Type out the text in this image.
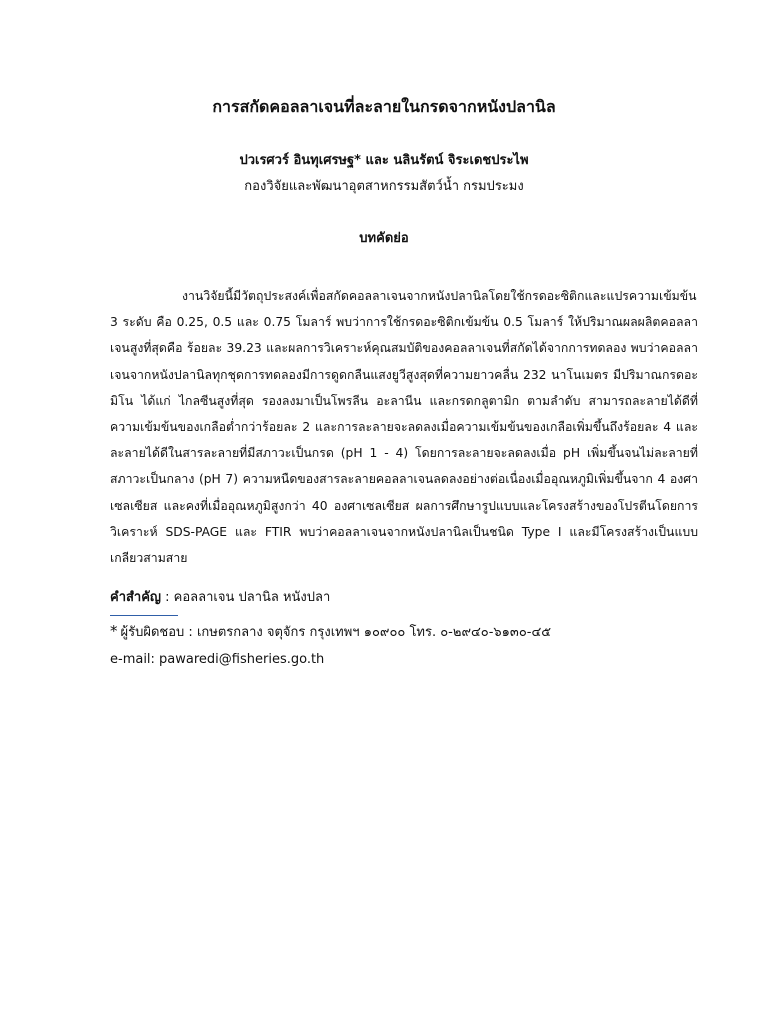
การสกัดคอลลาเจนที่ละลายในกรดจากหนังปลานิล
ปวเรศวร์ อินทุเศรษฐ* และ นลินรัตน์ จิระเดชประไพ
กองวิจัยและพัฒนาอุตสาหกรรมสัตว์น้ำ กรมประมง
บทคัดย่อ

งานวิจัยนี้มีวัตถุประสงค์เพื่อสกัดคอลลาเจนจากหนังปลานิลโดยใช้กรดอะซิติกและแปรความเข้มข้น 3 ระดับ คือ 0.25, 0.5 และ 0.75 โมลาร์ พบว่าการใช้กรดอะซิติกเข้มข้น 0.5 โมลาร์ ให้ปริมาณผลผลิตคอลลาเจนสูงที่สุดคือ ร้อยละ 39.23 และผลการวิเคราะห์คุณสมบัติของคอลลาเจนที่สกัดได้จากการทดลอง พบว่าคอลลาเจนจากหนังปลานิลทุกชุดการทดลองมีการดูดกลืนแสงยูวีสูงสุดที่ความยาวคลื่น 232 นาโนเมตร มีปริมาณกรดอะมิโน ได้แก่ ไกลซีนสูงที่สุด รองลงมาเป็นโพรลีน อะลานีน และกรดกลูตามิก ตามลำดับ สามารถละลายได้ดีที่ความเข้มข้นของเกลือต่ำกว่าร้อยละ 2 และการละลายจะลดลงเมื่อความเข้มข้นของเกลือเพิ่มขึ้นถึงร้อยละ 4 และละลายได้ดีในสารละลายที่มีสภาวะเป็นกรด (pH 1 - 4) โดยการละลายจะลดลงเมื่อ pH เพิ่มขึ้นจนไม่ละลายที่สภาวะเป็นกลาง (pH 7) ความหนืดของสารละลายคอลลาเจนลดลงอย่างต่อเนื่องเมื่ออุณหภูมิเพิ่มขึ้นจาก 4 องศาเซลเซียส และคงที่เมื่ออุณหภูมิสูงกว่า 40 องศาเซลเซียส ผลการศึกษารูปแบบและโครงสร้างของโปรตีนโดยการวิเคราะห์ SDS-PAGE และ FTIR พบว่าคอลลาเจนจากหนังปลานิลเป็นชนิด Type I และมีโครงสร้างเป็นแบบเกลียวสามสาย

คำสำคัญ : คอลลาเจน ปลานิล หนังปลา
* ผู้รับผิดชอบ : เกษตรกลาง จตุจักร กรุงเทพฯ ๑๐๙๐๐ โทร. ๐-๒๙๔๐-๖๑๓๐-๔๕
e-mail: pawaredi@fisheries.go.th
